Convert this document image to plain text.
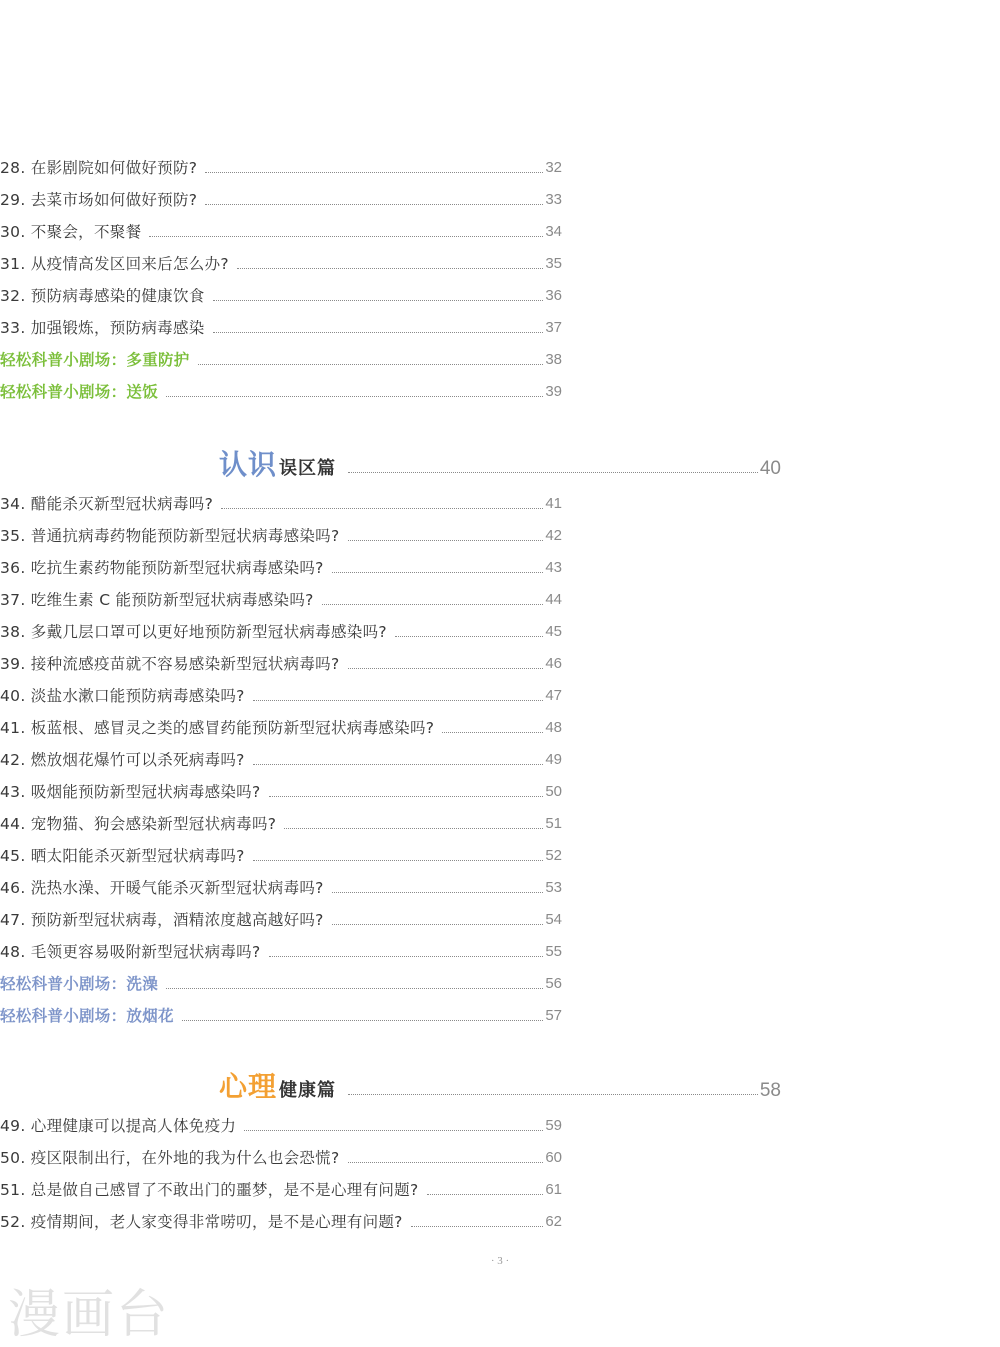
28. 在影剧院如何做好预防?	32
29. 去菜市场如何做好预防?	33
30. 不聚会，不聚餐	34
31. 从疫情高发区回来后怎么办?	35
32. 预防病毒感染的健康饮食	36
33. 加强锻炼，预防病毒感染	37
轻松科普小剧场：多重防护	38
轻松科普小剧场：送饭	39
认识 误区篇	40
34. 醋能杀灭新型冠状病毒吗?	41
35. 普通抗病毒药物能预防新型冠状病毒感染吗?	42
36. 吃抗生素药物能预防新型冠状病毒感染吗?	43
37. 吃维生素 C 能预防新型冠状病毒感染吗?	44
38. 多戴几层口罩可以更好地预防新型冠状病毒感染吗?	45
39. 接种流感疫苗就不容易感染新型冠状病毒吗?	46
40. 淡盐水漱口能预防病毒感染吗?	47
41. 板蓝根、感冒灵之类的感冒药能预防新型冠状病毒感染吗?	48
42. 燃放烟花爆竹可以杀死病毒吗?	49
43. 吸烟能预防新型冠状病毒感染吗?	50
44. 宠物猫、狗会感染新型冠状病毒吗?	51
45. 晒太阳能杀灭新型冠状病毒吗?	52
46. 洗热水澡、开暖气能杀灭新型冠状病毒吗?	53
47. 预防新型冠状病毒，酒精浓度越高越好吗?	54
48. 毛领更容易吸附新型冠状病毒吗?	55
轻松科普小剧场：洗澡	56
轻松科普小剧场：放烟花	57
心理 健康篇	58
49. 心理健康可以提高人体免疫力	59
50. 疫区限制出行，在外地的我为什么也会恐慌?	60
51. 总是做自己感冒了不敢出门的噩梦，是不是心理有问题?	61
52. 疫情期间，老人家变得非常唠叨，是不是心理有问题?	62
· 3 ·
漫画台
